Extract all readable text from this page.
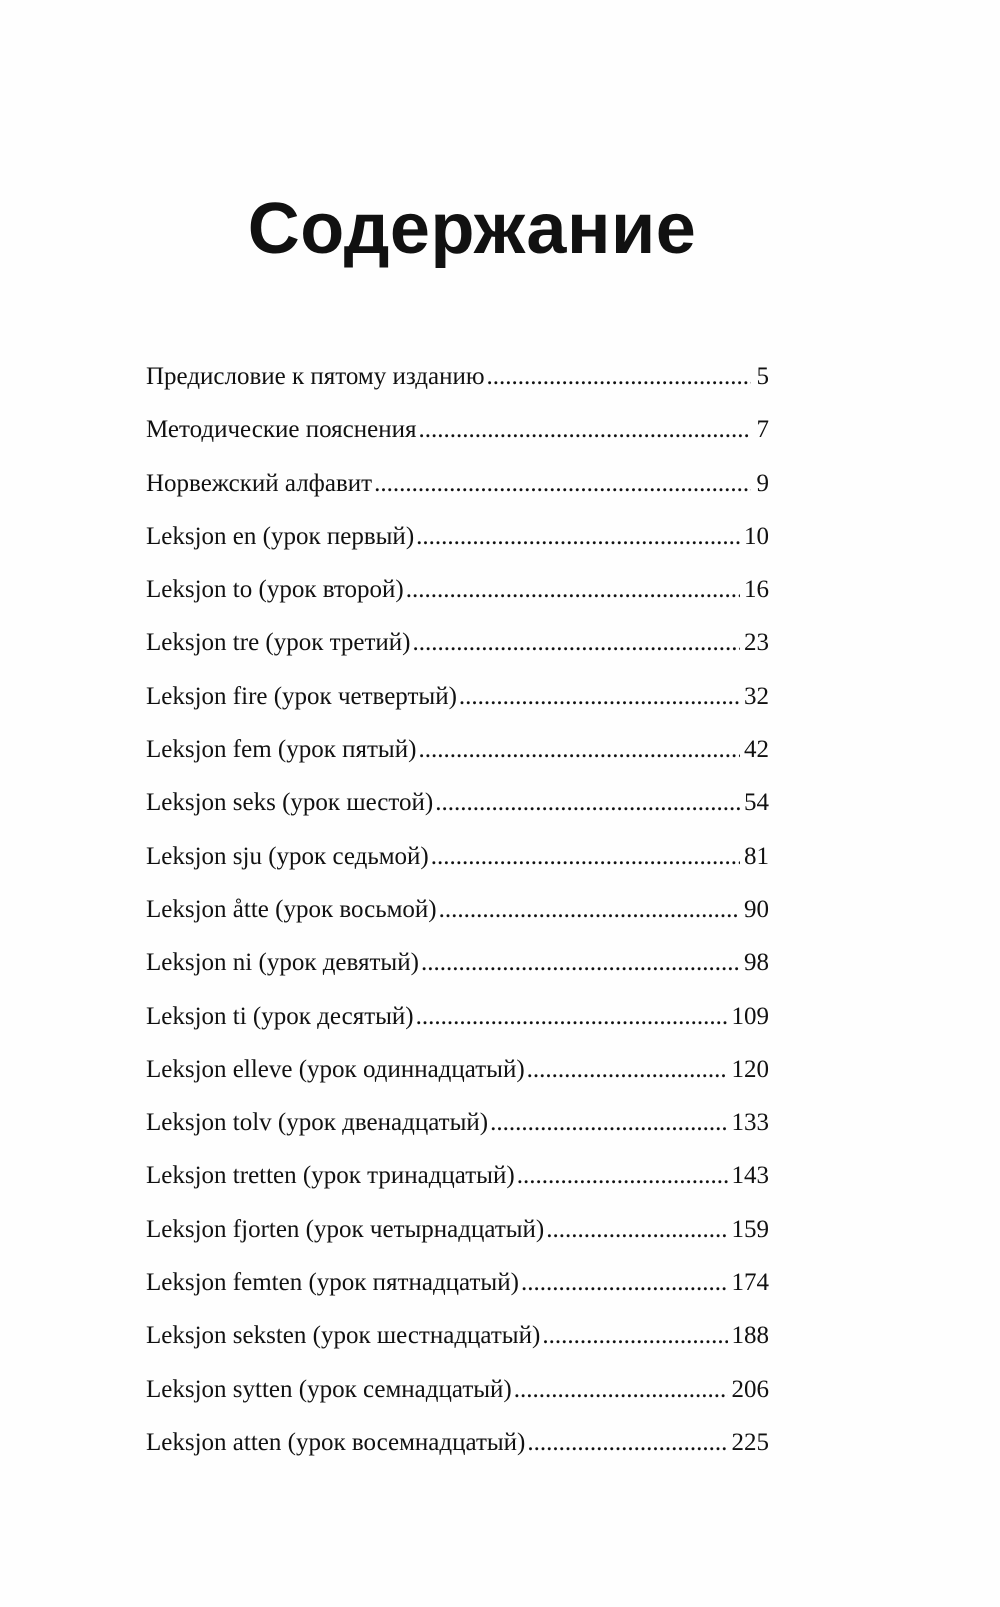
Содержание
Предисловие к пятому изданию .....	5
Методические пояснения .....	7
Норвежский алфавит .....	9
Leksjon en (урок первый) .....	10
Leksjon to (урок второй) .....	16
Leksjon tre (урок третий) .....	23
Leksjon fire (урок четвертый) .....	32
Leksjon fem (урок пятый) .....	42
Leksjon seks (урок шестой) .....	54
Leksjon sju (урок седьмой) .....	81
Leksjon åtte (урок восьмой) .....	90
Leksjon ni (урок девятый) .....	98
Leksjon ti (урок десятый) .....	109
Leksjon elleve (урок одиннадцатый) .....	120
Leksjon tolv (урок двенадцатый) .....	133
Leksjon tretten (урок тринадцатый) .....	143
Leksjon fjorten (урок четырнадцатый) .....	159
Leksjon femten (урок пятнадцатый) .....	174
Leksjon seksten (урок шестнадцатый) .....	188
Leksjon sytten (урок семнадцатый) .....	206
Leksjon atten (урок восемнадцатый) .....	225
